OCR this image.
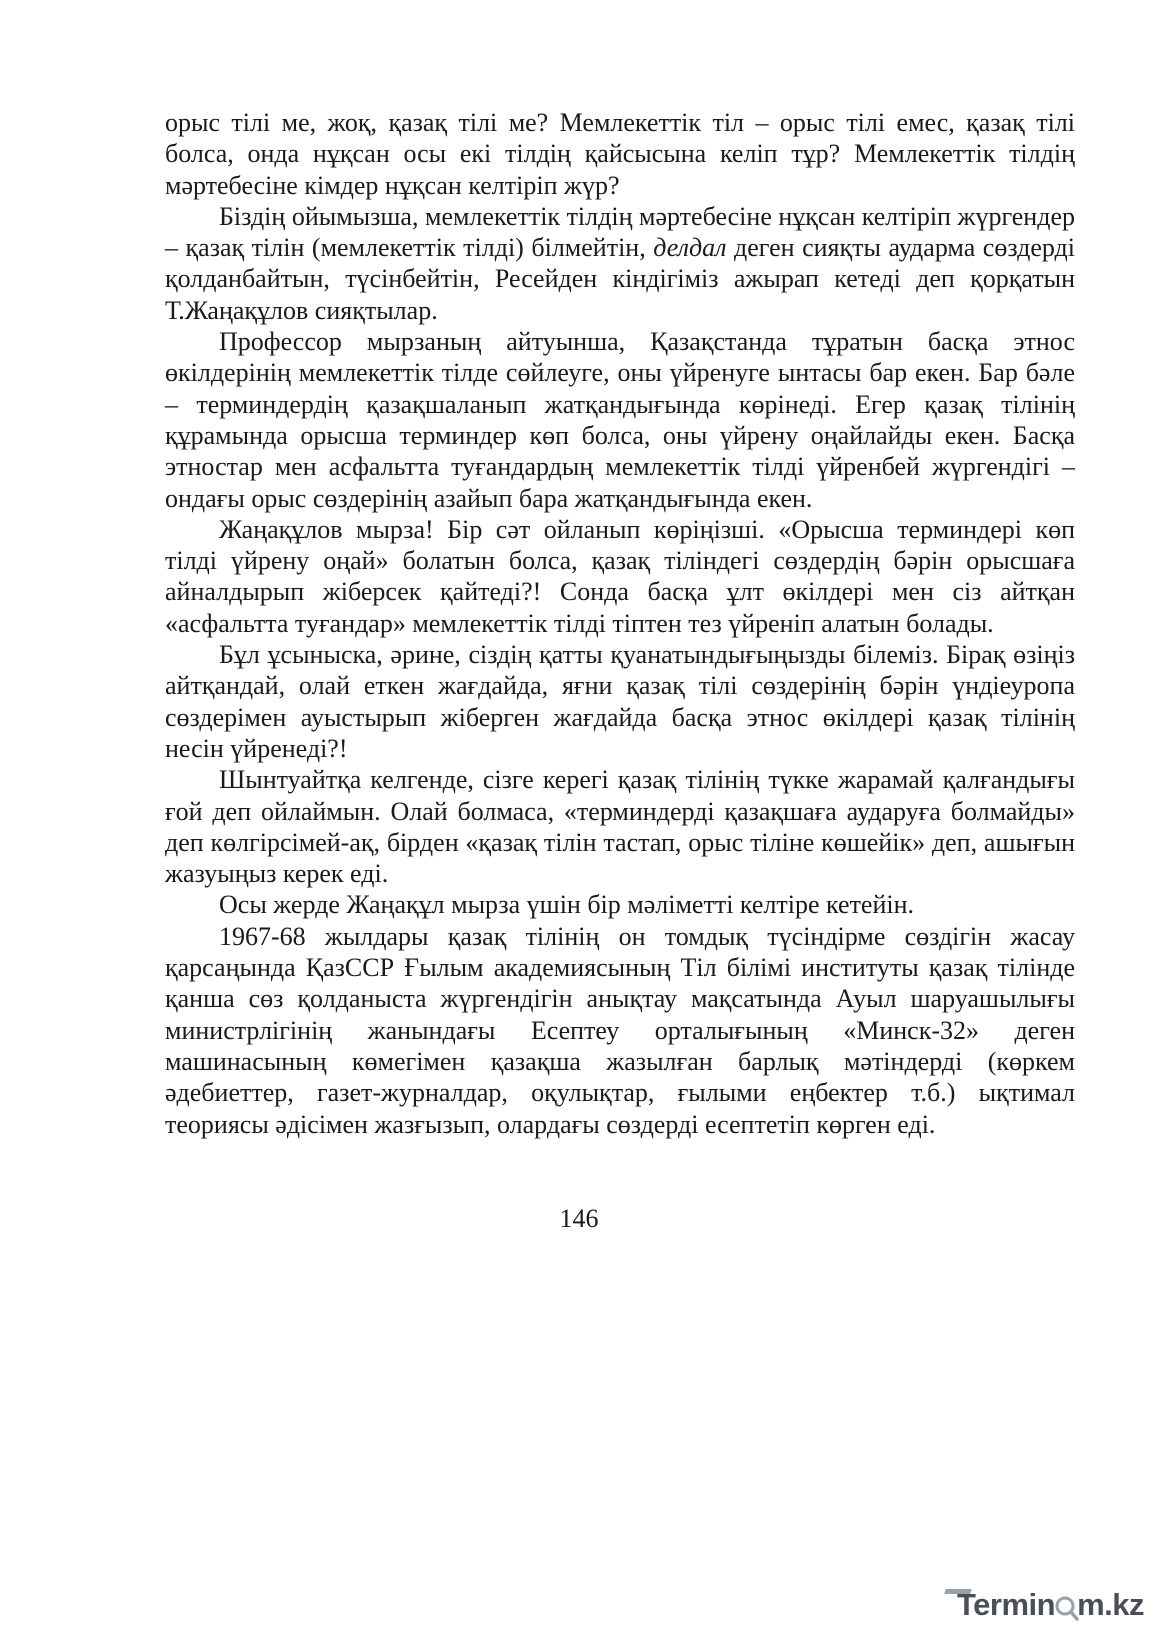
орыс тілі ме, жоқ, қазақ тілі ме? Мемлекеттік тіл – орыс тілі емес, қазақ тілі болса, онда нұқсан осы екі тілдің қайсысына келіп тұр? Мемлекеттік тілдің мәртебесіне кімдер нұқсан келтіріп жүр?

Біздің ойымызша, мемлекеттік тілдің мәртебесіне нұқсан келтіріп жүргендер – қазақ тілін (мемлекеттік тілді) білмейтін, делдал деген сияқты аударма сөздерді қолданбайтын, түсінбейтін, Ресейден кіндігіміз ажырап кетеді деп қорқатын Т.Жаңақұлов сияқтылар.

Профессор мырзаның айтуынша, Қазақстанда тұратын басқа этнос өкілдерінің мемлекеттік тілде сөйлеуге, оны үйренуге ынтасы бар екен. Бар бәле – терминдердің қазақшаланып жатқандығында көрінеді. Егер қазақ тілінің құрамында орысша терминдер көп болса, оны үйрену оңайлайды екен. Басқа этностар мен асфальтта туғандардың мемлекеттік тілді үйренбей жүргендігі – ондағы орыс сөздерінің азайып бара жатқандығында екен.

Жаңақұлов мырза! Бір сәт ойланып көріңізші. «Орысша терминдері көп тілді үйрену оңай» болатын болса, қазақ тіліндегі сөздердің бәрін орысшаға айналдырып жіберсек қайтеді?! Сонда басқа ұлт өкілдері мен сіз айтқан «асфальтта туғандар» мемлекеттік тілді тіптен тез үйреніп алатын болады.

Бұл ұсыныска, әрине, сіздің қатты қуанатындығыңызды білеміз. Бірақ өзіңіз айтқандай, олай еткен жағдайда, яғни қазақ тілі сөздерінің бәрін үндіеуропа сөздерімен ауыстырып жіберген жағдайда басқа этнос өкілдері қазақ тілінің несін үйренеді?!

Шынтуайтқа келгенде, сізге керегі қазақ тілінің түкке жарамай қалғандығы ғой деп ойлаймын. Олай болмаса, «терминдерді қазақшаға аударуға болмайды» деп көлгірсімей-ақ, бірден «қазақ тілін тастап, орыс тіліне көшейік» деп, ашығын жазуыңыз керек еді.

Осы жерде Жаңақұл мырза үшін бір мәліметті келтіре кетейін.

1967-68 жылдары қазақ тілінің он томдық түсіндірме сөздігін жасау қарсаңында ҚазССР Ғылым академиясының Тіл білімі институты қазақ тілінде қанша сөз қолданыста жүргендігін анықтау мақсатында Ауыл шаруашылығы министрлігінің жанындағы Есептеу орталығының «Минск-32» деген машинасының көмегімен қазақша жазылған барлық мәтіндерді (көркем әдебиеттер, газет-журналдар, оқулықтар, ғылыми еңбектер т.б.) ықтимал теориясы әдісімен жазғызып, олардағы сөздерді есептетіп көрген еді.

146
Termin m.kz
